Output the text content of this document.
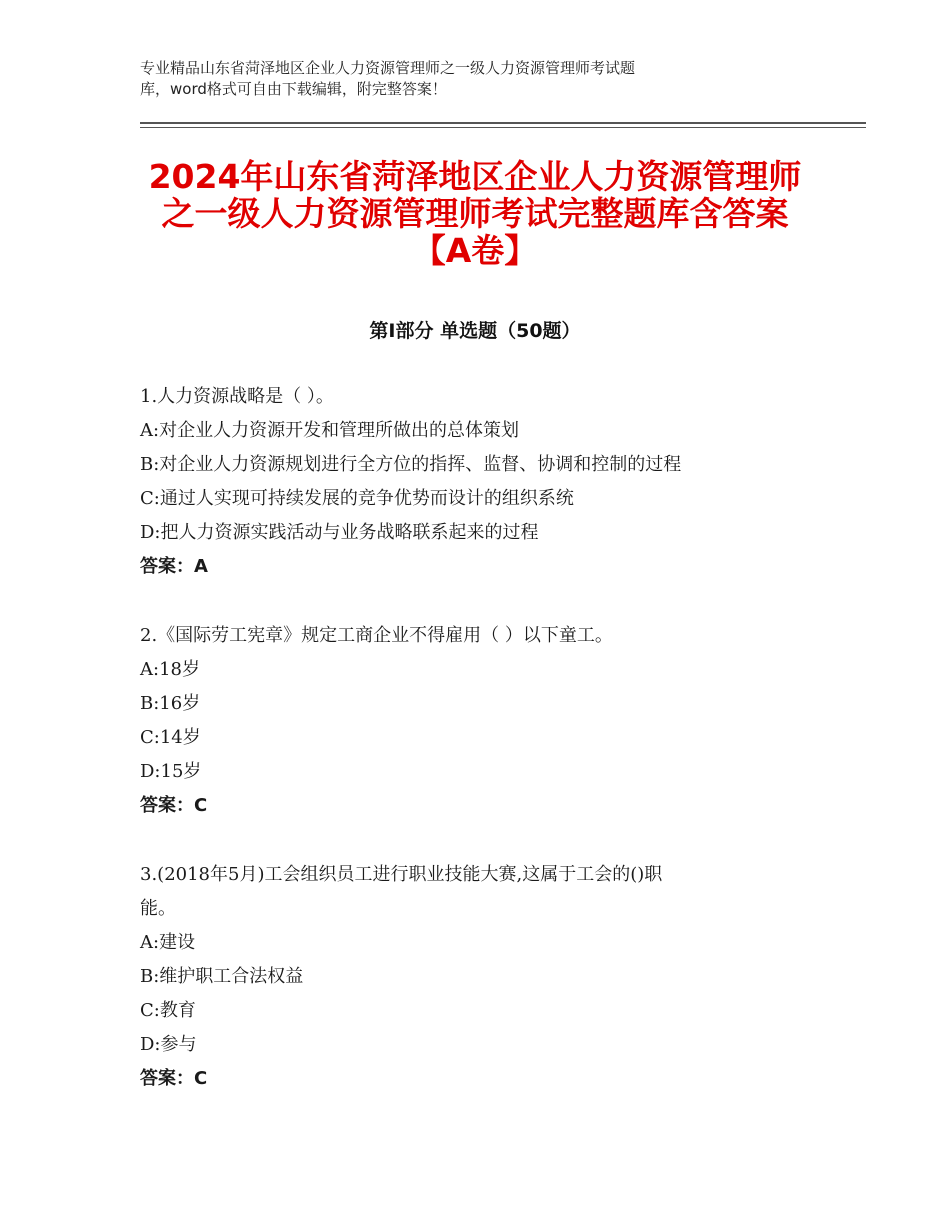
专业精品山东省菏泽地区企业人力资源管理师之一级人力资源管理师考试题
库，word格式可自由下载编辑，附完整答案！
2024年山东省菏泽地区企业人力资源管理师
之一级人力资源管理师考试完整题库含答案
【A卷】
第Ⅰ部分 单选题（50题）
1.人力资源战略是（ ）。
A:对企业人力资源开发和管理所做出的总体策划
B:对企业人力资源规划进行全方位的指挥、监督、协调和控制的过程
C:通过人实现可持续发展的竞争优势而设计的组织系统
D:把人力资源实践活动与业务战略联系起来的过程
答案：A
2.《国际劳工宪章》规定工商企业不得雇用（ ）以下童工。
A:18岁
B:16岁
C:14岁
D:15岁
答案：C
3.(2018年5月)工会组织员工进行职业技能大赛,这属于工会的()职
能。
A:建设
B:维护职工合法权益
C:教育
D:参与
答案：C
